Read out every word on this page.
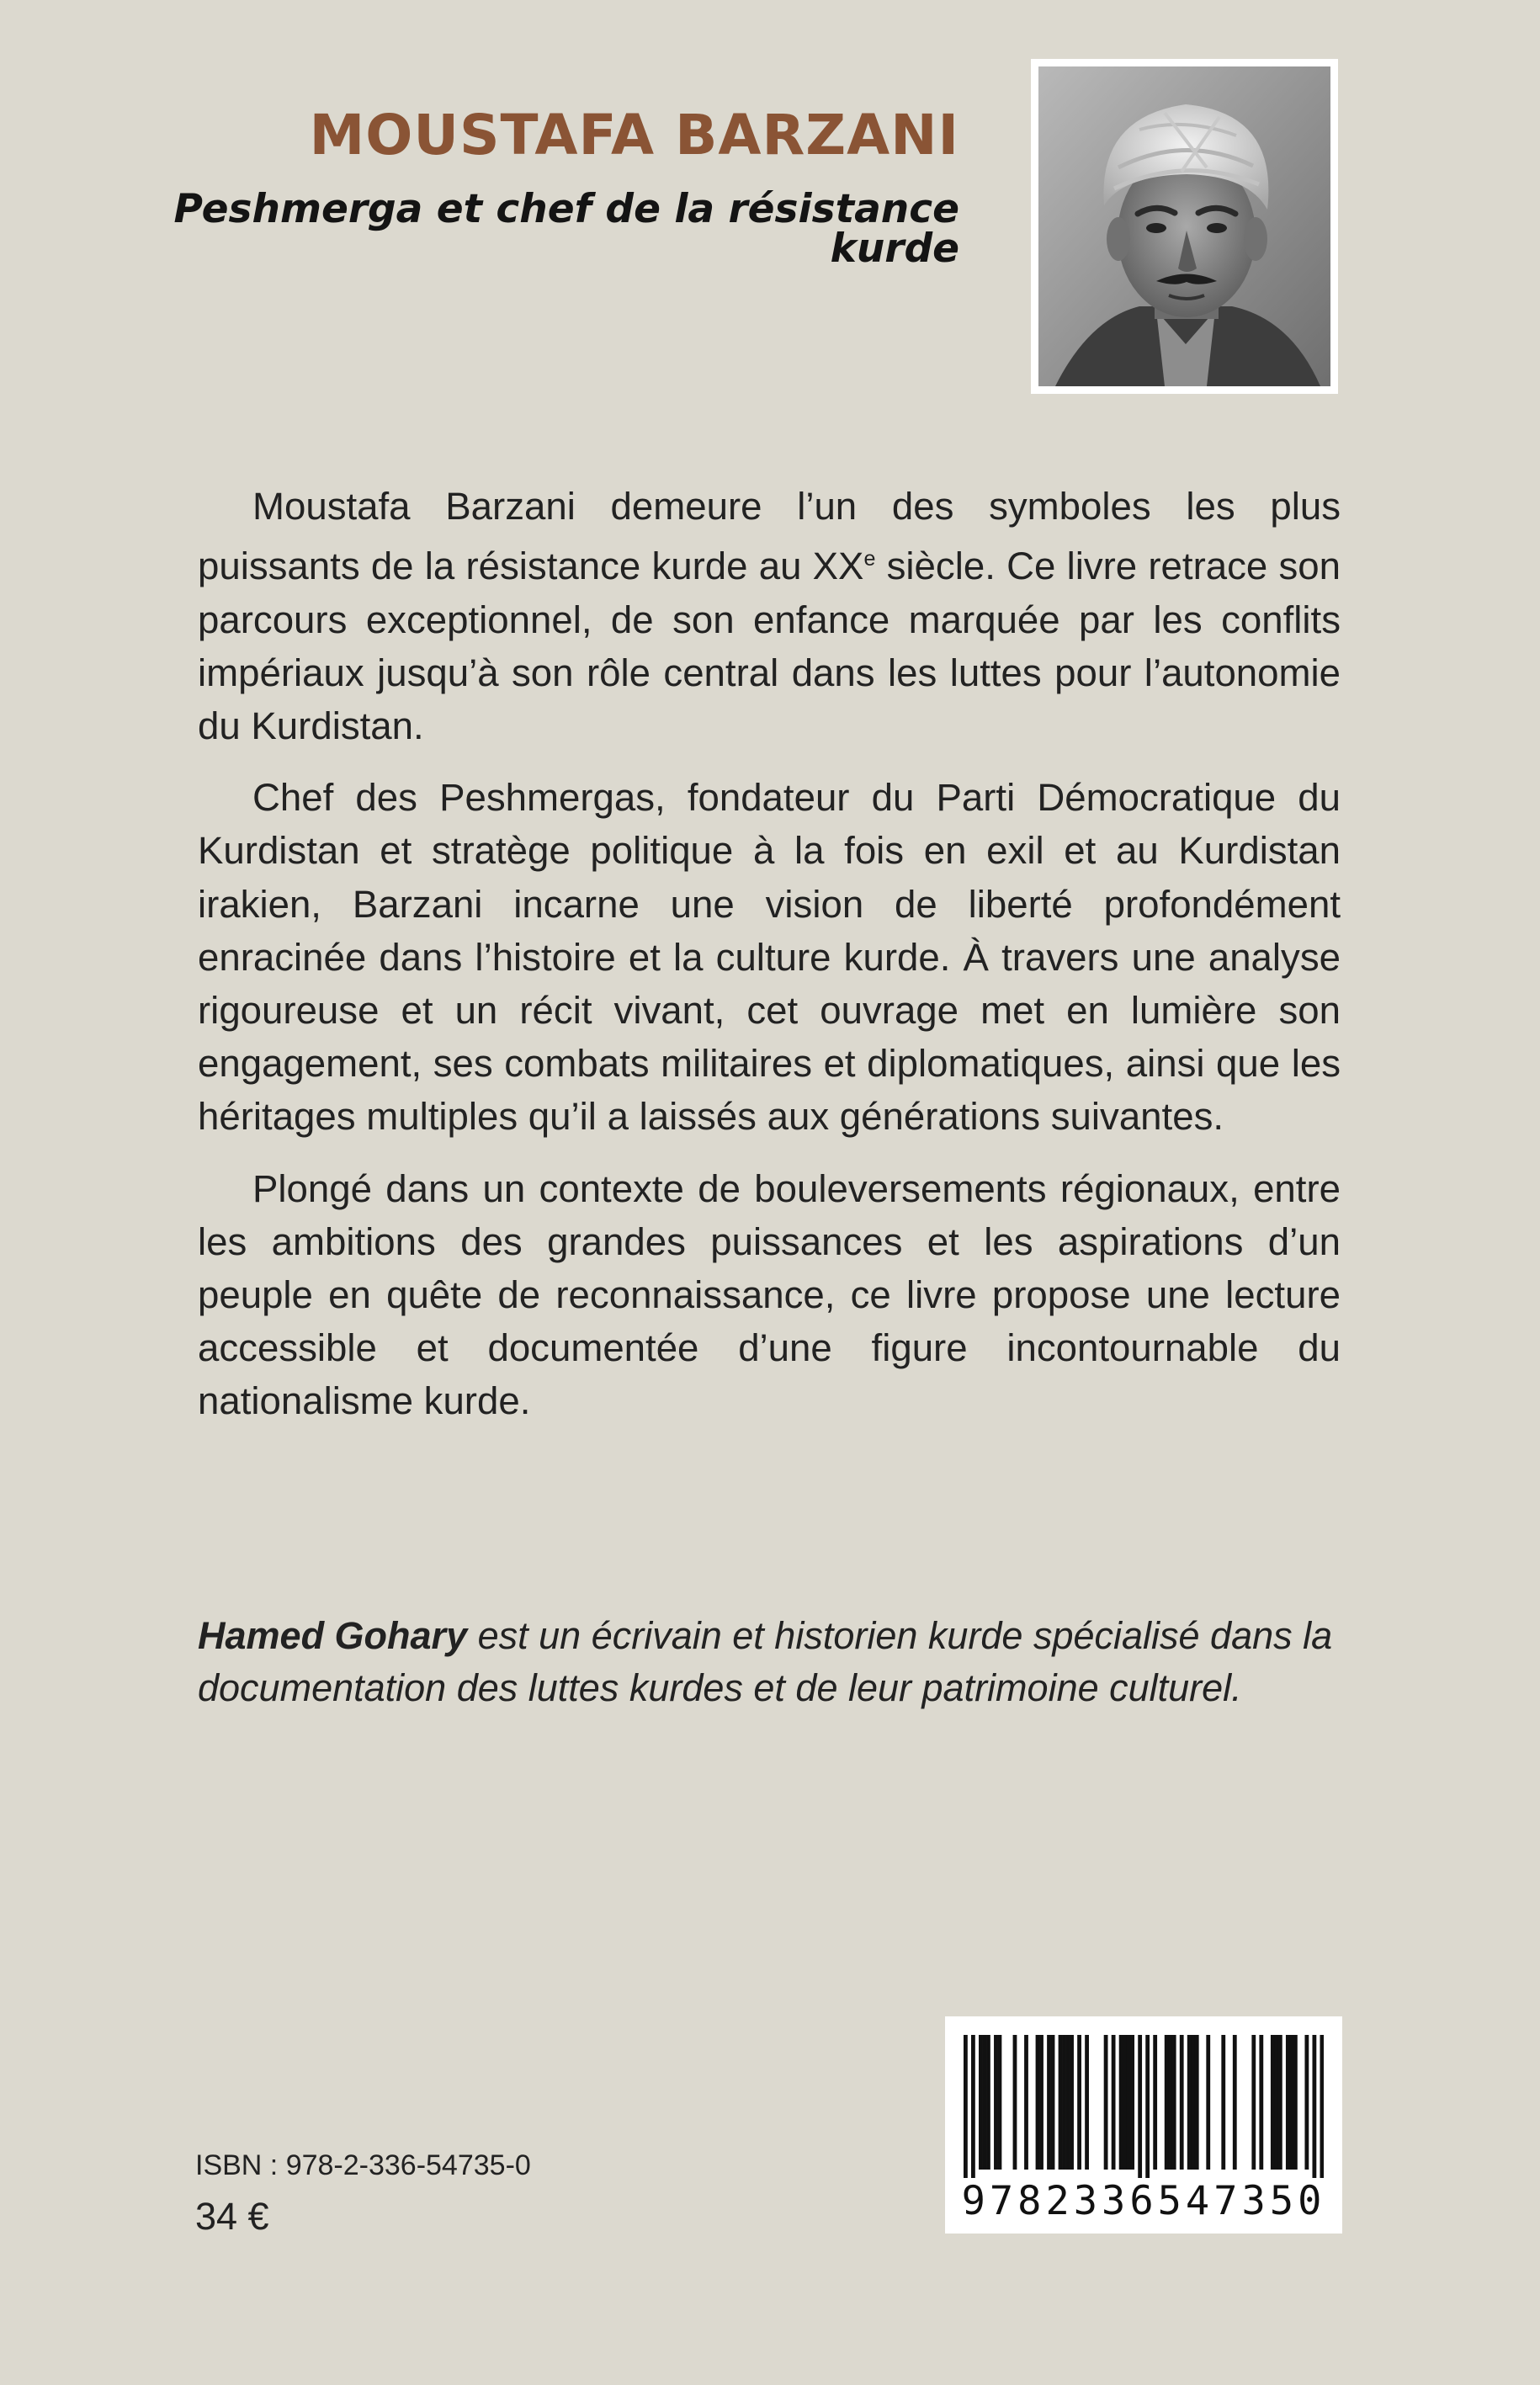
MOUSTAFA BARZANI
Peshmerga et chef de la résistance kurde

Moustafa Barzani demeure l’un des symboles les plus puissants de la résistance kurde au XXe siècle. Ce livre retrace son parcours exceptionnel, de son enfance marquée par les conflits impériaux jusqu’à son rôle central dans les luttes pour l’autonomie du Kurdistan.

Chef des Peshmergas, fondateur du Parti Démocratique du Kurdistan et stratège politique à la fois en exil et au Kurdistan irakien, Barzani incarne une vision de liberté profondément enracinée dans l’histoire et la culture kurde. À travers une analyse rigoureuse et un récit vivant, cet ouvrage met en lumière son engagement, ses combats militaires et diplomatiques, ainsi que les héritages multiples qu’il a laissés aux générations suivantes.

Plongé dans un contexte de bouleversements régionaux, entre les ambitions des grandes puissances et les aspirations d’un peuple en quête de reconnaissance, ce livre propose une lecture accessible et documentée d’une figure incontournable du nationalisme kurde.

Hamed Gohary est un écrivain et historien kurde spécialisé dans la documentation des luttes kurdes et de leur patrimoine culturel.
ISBN : 978-2-336-54735-0
34 €	9782336547350
